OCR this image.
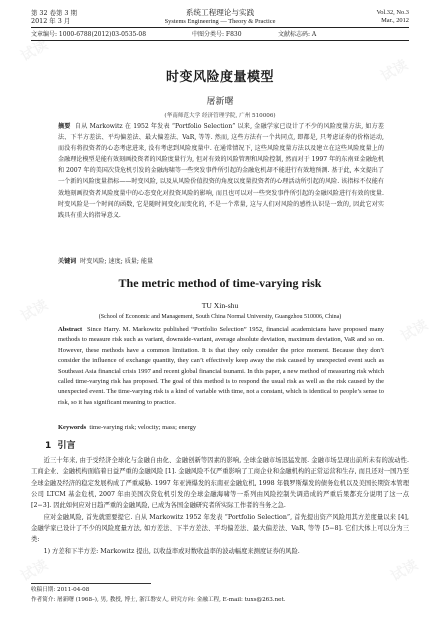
第 32 卷第 3 期
2012 年 3 月
系统工程理论与实践
Systems Engineering — Theory & Practice
Vol.32, No.3
Mar., 2012
文章编号: 1000-6788(2012)03-0535-08	中图分类号: F830	文献标志码: A
时变风险度量模型
屠新曙
(华南师范大学 经济管理学院, 广州 510006)
摘要 自从 Markowitz 在 1952 年发表 “Portfolio Selection” 以来, 金融学家已设计了不少的风险度量方法, 如方差法、下半方差法、平均偏差法、最大偏差法、VaR, 等等. 然而, 这些方法有一个共同点, 即都是, 只考虑证券的价格运动, 而没有将投资者的心态考虑进来, 没有考虑到风险度量中. 在通常情况下, 这些风险度量方法以及建立在这些风险度量上的金融理论模型是能有效刻画投资者的风险度量行为, 但对有效的风险管理和风险控制, 然而对于 1997 年的东南亚金融危机和 2007 年的美国次贷危机引发的金融海啸等一些突发事件所引起的金融危机却不能进行有效地预测. 基于此, 本文提出了一个新的风险度量指标——时变风险, 以及从风险价值投资的角度以度量投资者的心理活动所引起的风险. 该指标不仅能有效地刻画投资者风险度量中的心态变化对投资风险的影响, 而且也可以对一些突发事件所引起的金融风险进行有效的度量. 时变风险是一个时间的函数, 它是随时间变化而变化的, 不是一个常量, 这与人们对风险的感性认识是一致的, 因此它对实践具有重大的指导意义.
关键词 时变风险; 速度; 质量; 能量
The metric method of time-varying risk
TU Xin-shu
(School of Economic and Management, South China Normal University, Guangzhou 510006, China)
Abstract Since Harry. M. Markowitz published “Portfolio Selection” 1952, financial academicians have proposed many methods to measure risk such as variant, downside-variant, average absolute deviation, maximum deviation, VaR and so on. However, these methods have a common limitation. It is that they only consider the price moment. Because they don’t consider the influence of exchange quantity, they can’t effectively keep away the risk caused by unexpected event such as Southeast Asia financial crisis 1997 and recent global financial tsunami. In this paper, a new method of measuring risk which called time-varying risk has proposed. The goal of this method is to respond the usual risk as well as the risk caused by the unexpected event. The time-varying risk is a kind of variable with time, not a constant, which is identical to people’s sense to risk, so it has significant meaning to practice.
Keywords time-varying risk; velocity; mass; energy
1 引言
近三十年来, 由于受经济全球化与金融自由化、金融创新等因素的影响, 全球金融市场迅猛发展. 金融市场呈现出前所未有的波动性. 工商企业、金融机构面临着日益严重的金融风险 [1]. 金融风险不仅严重影响了工商企业和金融机构的正常运营和生存, 而且还对一国乃至全球金融及经济的稳定发展构成了严重威胁. 1997 年亚洲爆发的东南亚金融危机, 1998 年俄罗斯爆发的债务危机以及美国长期资本管理公司 LTCM 基金危机, 2007 年由美国次贷危机引发的全球金融海啸等一系列由风险控制失调造成的严重后果都充分说明了这一点 [2−3]. 因此如何应对日趋严重的金融风险, 已成为各国金融研究者所实际工作者的当务之急.
应对金融风险, 首先就需要提它. 自从 Markowitz 1952 年发表 “Portfolio Selection”, 首先提出资产风险用其方差度量以来 [4], 金融学家已设计了不少的风险度量方法, 如方差法、下半方差法、平均偏差法、最大偏差法、VaR, 等等 [5−8]. 它们大体上可以分为三类:
1) 方差和下半方差: Markowitz 提出, 以收益率或对数收益率的波动幅度来测度证券的风险.
收稿日期: 2011-04-08
作者简介: 屠新曙 (1968–), 男, 教授, 博士, 浙江磐安人, 研究方向: 金融工程, E-mail: tuxs@263.net.
